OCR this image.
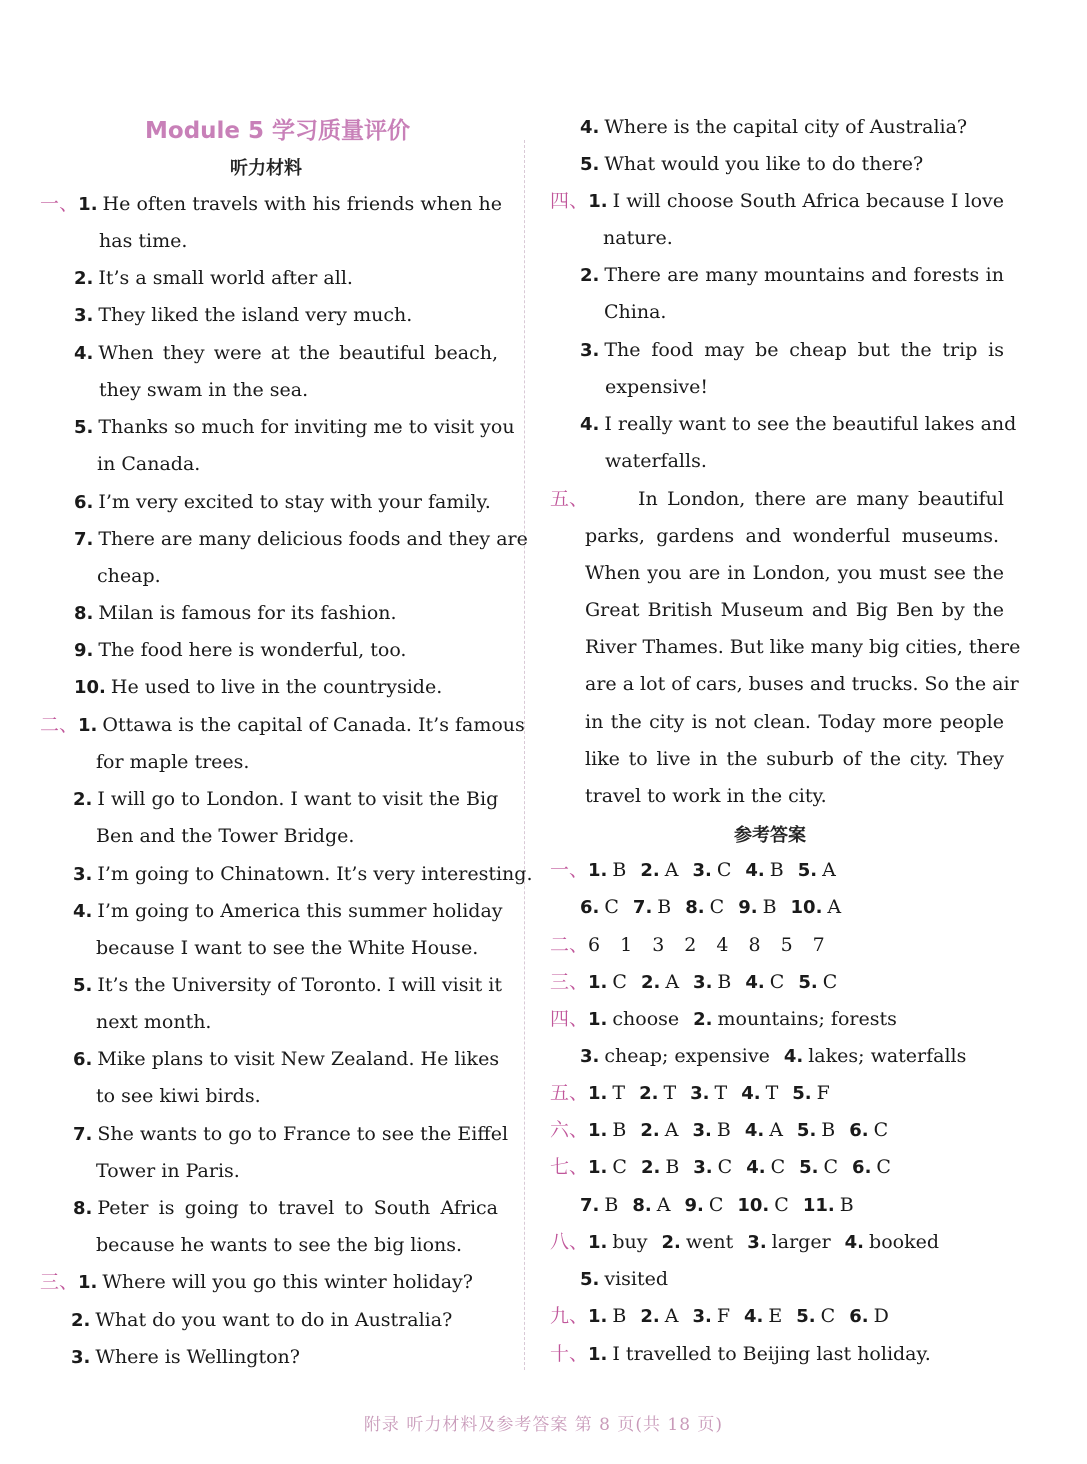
Module 5 学习质量评价
听力材料
一、1. He often travels with his friends when he
has time.
2. It’s a small world after all.
3. They liked the island very much.
4. When they were at the beautiful beach,
they swam in the sea.
5. Thanks so much for inviting me to visit you
in Canada.
6. I’m very excited to stay with your family.
7. There are many delicious foods and they are
cheap.
8. Milan is famous for its fashion.
9. The food here is wonderful, too.
10. He used to live in the countryside.
二、1. Ottawa is the capital of Canada. It’s famous
for maple trees.
2. I will go to London. I want to visit the Big
Ben and the Tower Bridge.
3. I’m going to Chinatown. It’s very interesting.
4. I’m going to America this summer holiday
because I want to see the White House.
5. It’s the University of Toronto. I will visit it
next month.
6. Mike plans to visit New Zealand. He likes
to see kiwi birds.
7. She wants to go to France to see the Eiffel
Tower in Paris.
8. Peter is going to travel to South Africa
because he wants to see the big lions.
三、1. Where will you go this winter holiday?
2. What do you want to do in Australia?
3. Where is Wellington?
4. Where is the capital city of Australia?
5. What would you like to do there?
四、1. I will choose South Africa because I love
nature.
2. There are many mountains and forests in
China.
3. The food may be cheap but the trip is
expensive!
4. I really want to see the beautiful lakes and
waterfalls.
五、	In London, there are many beautiful
parks, gardens and wonderful museums.
When you are in London, you must see the
Great British Museum and Big Ben by the
River Thames. But like many big cities, there
are a lot of cars, buses and trucks. So the air
in the city is not clean. Today more people
like to live in the suburb of the city. They
travel to work in the city.
参考答案
一、1. B 2. A 3. C 4. B 5. A
6. C 7. B 8. C 9. B 10. A
二、6 1 3 2 4 8 5 7
三、1. C 2. A 3. B 4. C 5. C
四、1. choose 2. mountains; forests
3. cheap; expensive 4. lakes; waterfalls
五、1. T 2. T 3. T 4. T 5. F
六、1. B 2. A 3. B 4. A 5. B 6. C
七、1. C 2. B 3. C 4. C 5. C 6. C
7. B 8. A 9. C 10. C 11. B
八、1. buy 2. went 3. larger 4. booked
5. visited
九、1. B 2. A 3. F 4. E 5. C 6. D
十、1. I travelled to Beijing last holiday.
附录 听力材料及参考答案 第 8 页(共 18 页)
